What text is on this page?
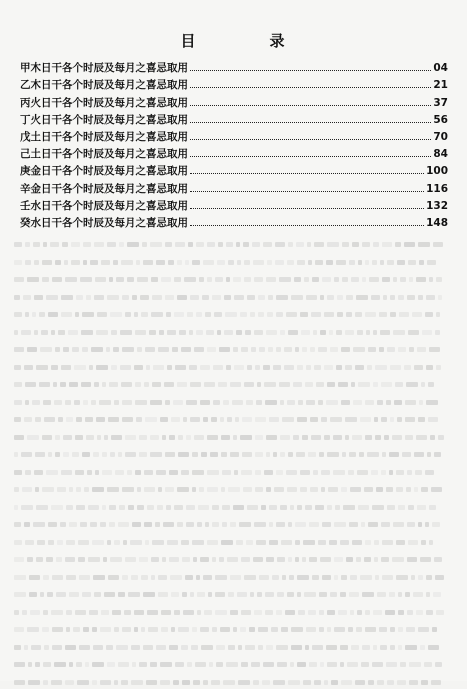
目	录
甲木日干各个时辰及每月之喜忌取用	04
乙木日干各个时辰及每月之喜忌取用	21
丙火日干各个时辰及每月之喜忌取用	37
丁火日干各个时辰及每月之喜忌取用	56
戊土日干各个时辰及每月之喜忌取用	70
己土日干各个时辰及每月之喜忌取用	84
庚金日干各个时辰及每月之喜忌取用	100
辛金日干各个时辰及每月之喜忌取用	116
壬水日干各个时辰及每月之喜忌取用	132
癸水日干各个时辰及每月之喜忌取用	148
